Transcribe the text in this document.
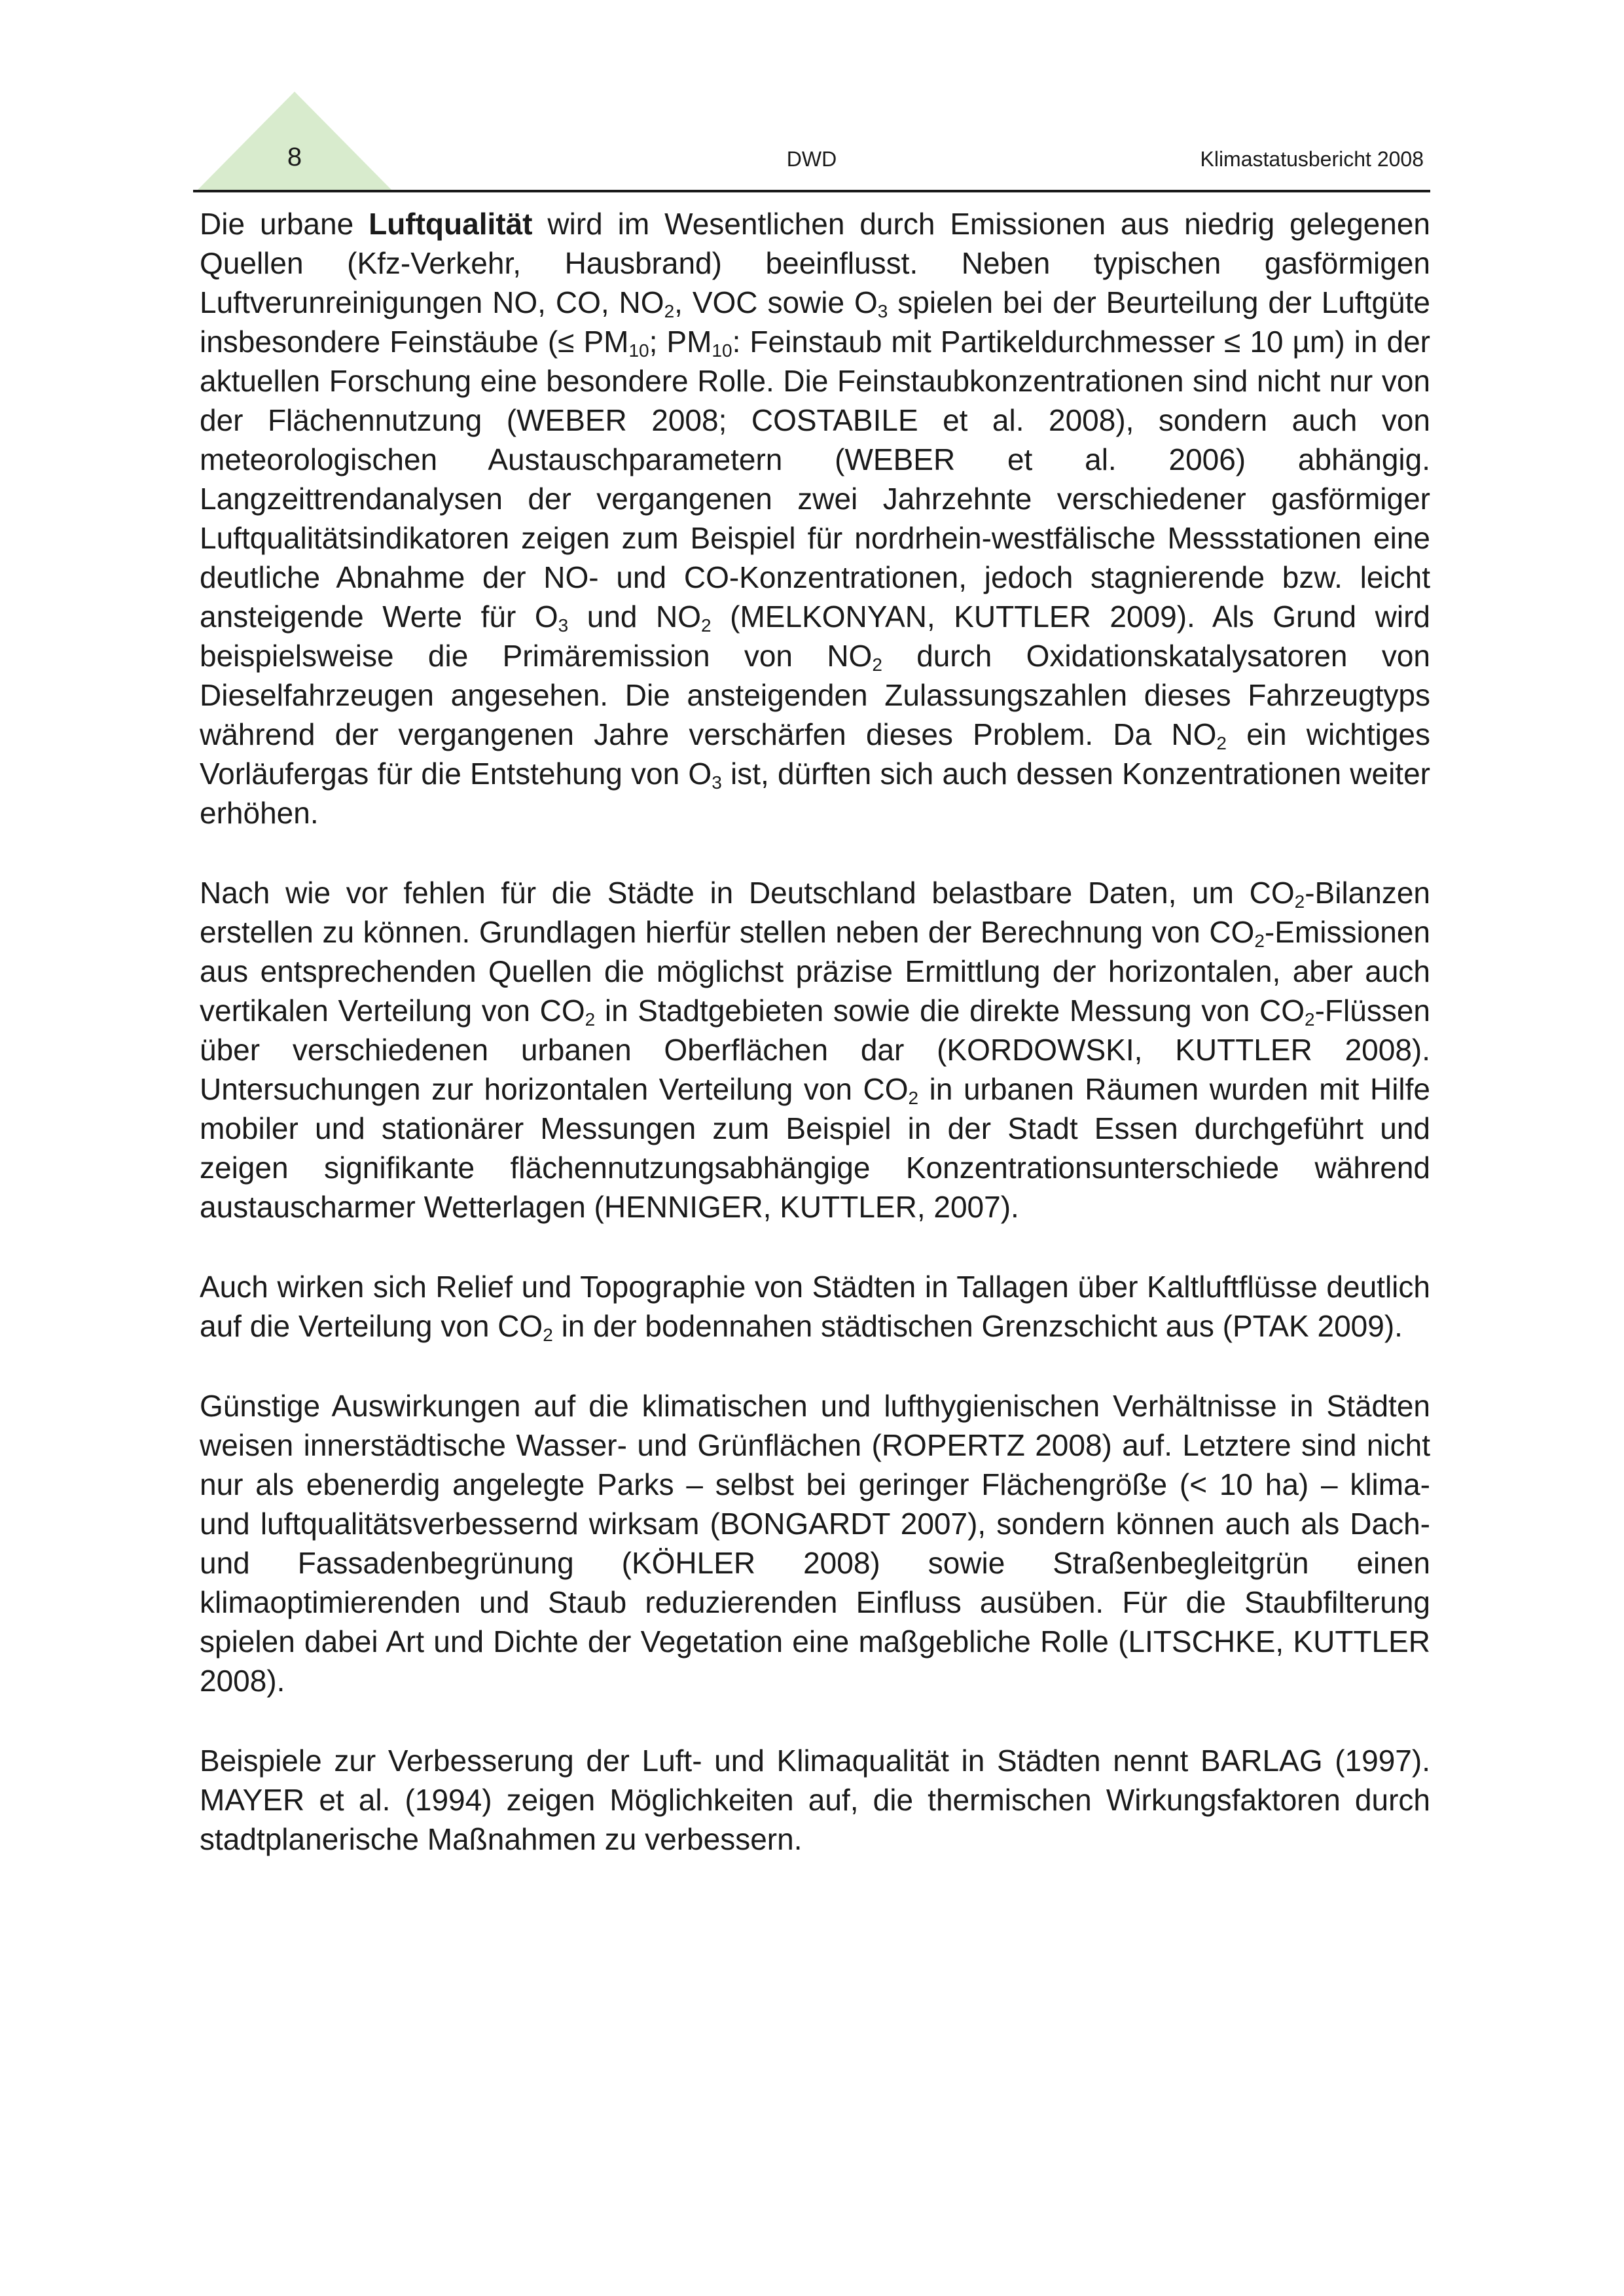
8	DWD	Klimastatusbericht 2008

Die urbane Luftqualität wird im Wesentlichen durch Emissionen aus niedrig gelegenen Quellen (Kfz-Verkehr, Hausbrand) beeinflusst. Neben typischen gasförmigen Luftverunreinigungen NO, CO, $NO_2$, VOC sowie $O_3$ spielen bei der Beurteilung der Luftgüte insbesondere Feinstäube (≤ $PM_{10}$; $PM_{10}$: Feinstaub mit Partikeldurchmesser ≤ 10 µm) in der aktuellen Forschung eine besondere Rolle. Die Feinstaubkonzentrationen sind nicht nur von der Flächennutzung (WEBER 2008; COSTABILE et al. 2008), sondern auch von meteorologischen Austauschparametern (WEBER et al. 2006) abhängig. Langzeittrendanalysen der vergangenen zwei Jahrzehnte verschiedener gasförmiger Luftqualitätsindikatoren zeigen zum Beispiel für nordrhein-westfälische Messstationen eine deutliche Abnahme der NO- und CO-Konzentrationen, jedoch stagnierende bzw. leicht ansteigende Werte für $O_3$ und $NO_2$ (MELKONYAN, KUTTLER 2009). Als Grund wird beispielsweise die Primäremission von $NO_2$ durch Oxidationskatalysatoren von Dieselfahrzeugen angesehen. Die ansteigenden Zulassungszahlen dieses Fahrzeugtyps während der vergangenen Jahre verschärfen dieses Problem. Da $NO_2$ ein wichtiges Vorläufergas für die Entstehung von $O_3$ ist, dürften sich auch dessen Konzentrationen weiter erhöhen.

Nach wie vor fehlen für die Städte in Deutschland belastbare Daten, um $CO_2$-Bilanzen erstellen zu können. Grundlagen hierfür stellen neben der Berechnung von $CO_2$-Emissionen aus entsprechenden Quellen die möglichst präzise Ermittlung der horizontalen, aber auch vertikalen Verteilung von $CO_2$ in Stadtgebieten sowie die direkte Messung von $CO_2$-Flüssen über verschiedenen urbanen Oberflächen dar (KORDOWSKI, KUTTLER 2008). Untersuchungen zur horizontalen Verteilung von $CO_2$ in urbanen Räumen wurden mit Hilfe mobiler und stationärer Messungen zum Beispiel in der Stadt Essen durchgeführt und zeigen signifikante flächennutzungsabhängige Konzentrationsunterschiede während austauscharmer Wetterlagen (HENNIGER, KUTTLER, 2007).

Auch wirken sich Relief und Topographie von Städten in Tallagen über Kaltluftflüsse deutlich auf die Verteilung von $CO_2$ in der bodennahen städtischen Grenzschicht aus (PTAK 2009).

Günstige Auswirkungen auf die klimatischen und lufthygienischen Verhältnisse in Städten weisen innerstädtische Wasser- und Grünflächen (ROPERTZ 2008) auf. Letztere sind nicht nur als ebenerdig angelegte Parks – selbst bei geringer Flächengröße (< 10 ha) – klima- und luftqualitätsverbessernd wirksam (BONGARDT 2007), sondern können auch als Dach- und Fassadenbegrünung (KÖHLER 2008) sowie Straßenbegleitgrün einen klimaoptimierenden und Staub reduzierenden Einfluss ausüben. Für die Staubfilterung spielen dabei Art und Dichte der Vegetation eine maßgebliche Rolle (LITSCHKE, KUTTLER 2008).

Beispiele zur Verbesserung der Luft- und Klimaqualität in Städten nennt BARLAG (1997). MAYER et al. (1994) zeigen Möglichkeiten auf, die thermischen Wirkungsfaktoren durch stadtplanerische Maßnahmen zu verbessern.
